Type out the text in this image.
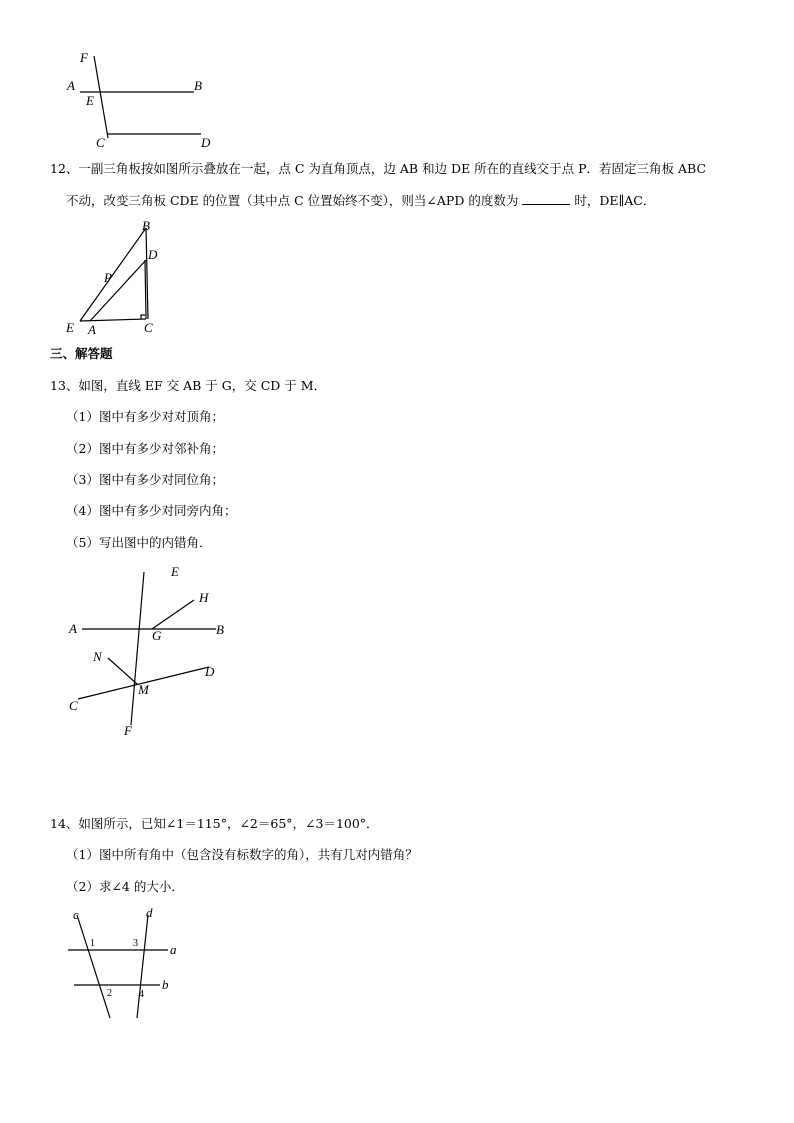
F
A
E
B
C	D
12、一副三角板按如图所示叠放在一起，点 C 为直角顶点，边 AB 和边 DE 所在的直线交于点 P．若固定三角板 ABC
不动，改变三角板 CDE 的位置（其中点 C 位置始终不变），则当∠APD 的度数为	时，DE∥AC．
B
D
P
E A	C
三、解答题
13、如图，直线 EF 交 AB 于 G，交 CD 于 M．
（1）图中有多少对对顶角；
（2）图中有多少对邻补角；
（3）图中有多少对同位角；
（4）图中有多少对同旁内角；
（5）写出图中的内错角．
E
H
A	G	B
N
D
M
C
F
14、如图所示，已知∠1＝115°，∠2＝65°，∠3＝100°．
（1）图中所有角中（包含没有标数字的角），共有几对内错角？
（2）求∠4 的大小．
c	d
a
b
1	3
2	4
